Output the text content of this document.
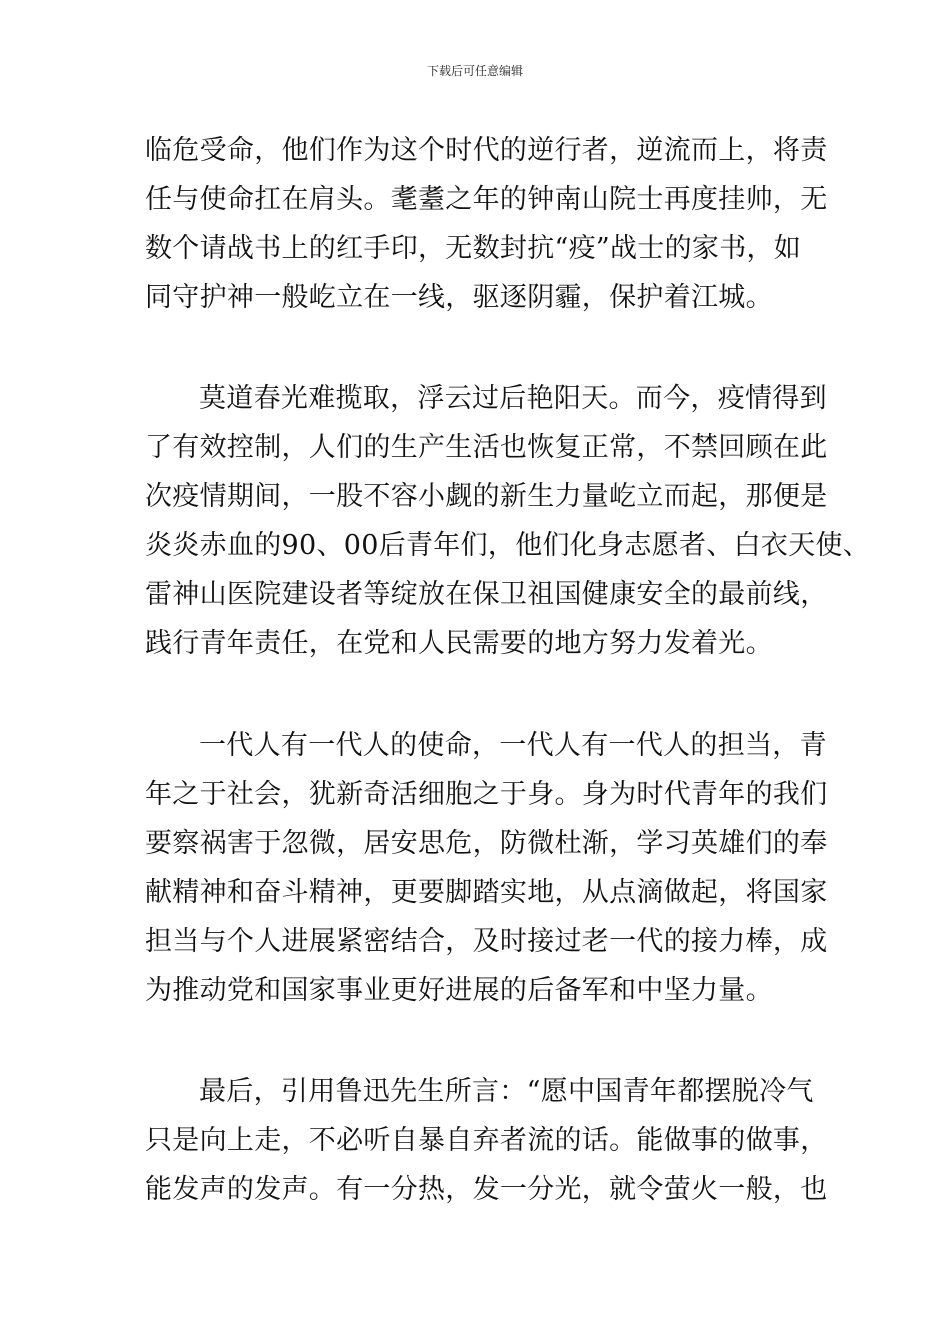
下载后可任意编辑
临危受命，他们作为这个时代的逆行者，逆流而上，将责
任与使命扛在肩头。耄耋之年的钟南山院士再度挂帅，无
数个请战书上的红手印，无数封抗“疫”战士的家书，如
同守护神一般屹立在一线，驱逐阴霾，保护着江城。
莫道春光难揽取，浮云过后艳阳天。而今，疫情得到
了有效控制，人们的生产生活也恢复正常，不禁回顾在此
次疫情期间，一股不容小觑的新生力量屹立而起，那便是
炎炎赤血的90、00后青年们，他们化身志愿者、白衣天使、
雷神山医院建设者等绽放在保卫祖国健康安全的最前线，
践行青年责任，在党和人民需要的地方努力发着光。
一代人有一代人的使命，一代人有一代人的担当，青
年之于社会，犹新奇活细胞之于身。身为时代青年的我们
要察祸害于忽微，居安思危，防微杜渐，学习英雄们的奉
献精神和奋斗精神，更要脚踏实地，从点滴做起，将国家
担当与个人进展紧密结合，及时接过老一代的接力棒，成
为推动党和国家事业更好进展的后备军和中坚力量。
最后，引用鲁迅先生所言：“愿中国青年都摆脱冷气
只是向上走，不必听自暴自弃者流的话。能做事的做事，
能发声的发声。有一分热，发一分光，就令萤火一般，也
